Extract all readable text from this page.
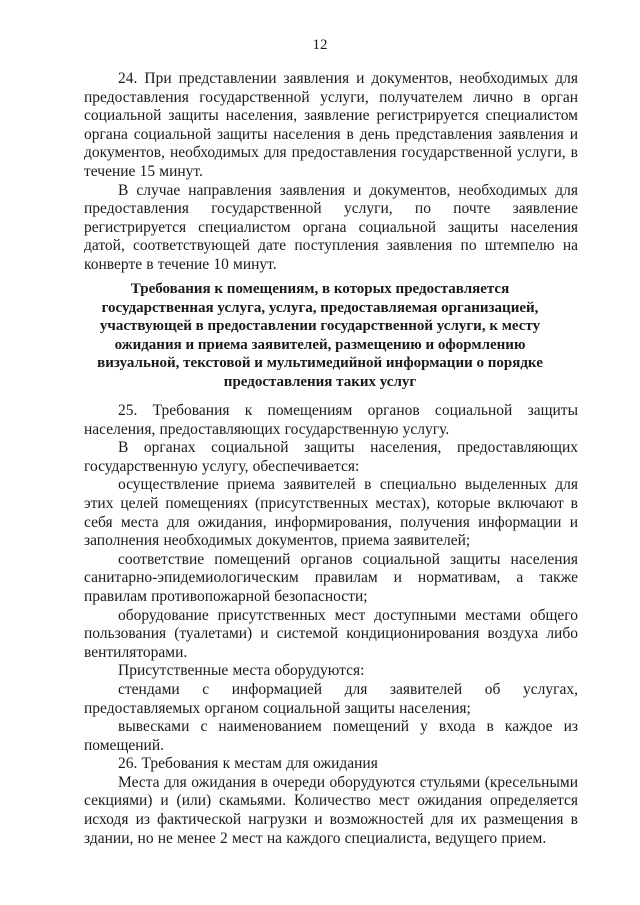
12

24. При представлении заявления и документов, необходимых для предоставления государственной услуги, получателем лично в орган социальной защиты населения, заявление регистрируется специалистом органа социальной защиты населения в день представления заявления и документов, необходимых для предоставления государственной услуги, в течение 15 минут.

В случае направления заявления и документов, необходимых для предоставления государственной услуги, по почте заявление регистрируется специалистом органа социальной защиты населения датой, соответствующей дате поступления заявления по штемпелю на конверте в течение 10 минут.

Требования к помещениям, в которых предоставляется
государственная услуга, услуга, предоставляемая организацией,
участвующей в предоставлении государственной услуги, к месту
ожидания и приема заявителей, размещению и оформлению
визуальной, текстовой и мультимедийной информации о порядке
предоставления таких услуг

25. Требования к помещениям органов социальной защиты населения, предоставляющих государственную услугу.

В органах социальной защиты населения, предоставляющих государственную услугу, обеспечивается:

осуществление приема заявителей в специально выделенных для этих целей помещениях (присутственных местах), которые включают в себя места для ожидания, информирования, получения информации и заполнения необходимых документов, приема заявителей;

соответствие помещений органов социальной защиты населения санитарно-эпидемиологическим правилам и нормативам, а также правилам противопожарной безопасности;

оборудование присутственных мест доступными местами общего пользования (туалетами) и системой кондиционирования воздуха либо вентиляторами.

Присутственные места оборудуются:

стендами с информацией для заявителей об услугах, предоставляемых органом социальной защиты населения;

вывесками с наименованием помещений у входа в каждое из помещений.

26. Требования к местам для ожидания

Места для ожидания в очереди оборудуются стульями (кресельными секциями) и (или) скамьями. Количество мест ожидания определяется исходя из фактической нагрузки и возможностей для их размещения в здании, но не менее 2 мест на каждого специалиста, ведущего прием.
